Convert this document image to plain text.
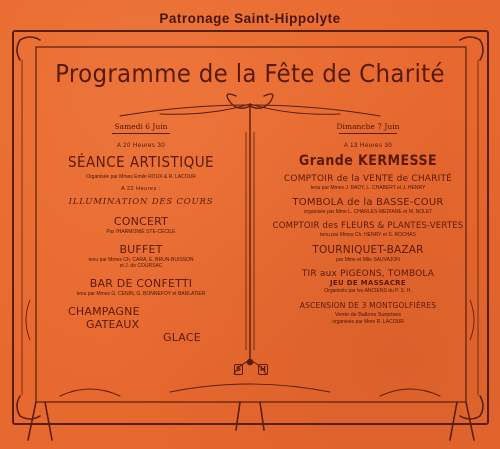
Patronage Saint-Hippolyte
Programme de la Fête de Charité
Samedi 6 Juin
A 20 Heures 30
SÉANCE ARTISTIQUE
Organisée par Mmes Emile ROUX & R. LACOUR
A 22 Heures :
ILLUMINATION DES COURS
CONCERT
Par l'HARMONIE STE-CÉCILE
BUFFET
tenu par Mmes Ch. CARA, E. BRUN-BUISSON
et J. de COURSAC
BAR DE CONFETTI
tenu par Mmes G. CENIN, G. BONNEFOY et BARLATIER
CHAMPAGNE
GATEAUX
GLACE
Dimanche 7 Juin
A 13 Heures 30
Grande KERMESSE
COMPTOIR de la VENTE de CHARITÉ
tenu par Mmes J. BADY, L. CHABERT et J. HENRY
TOMBOLA de la BASSE-COUR
organisée par Mme L. CHARLES-MEDIANE et M. NOLET
COMPTOIR des FLEURS & PLANTES-VERTES
tenu par Mmes Ch. HENRY et S. ROCHAS
TOURNIQUET-BAZAR
par Mme et Mlle SAUVAJON
TIR aux PIGEONS, TOMBOLA
JEU DE MASSACRE
Organisés par les ANCIENS du P. S. H.
ASCENSION DE 3 MONTGOLFIÈRES
Vente de Ballons Surprises
organisée par Mme R. LACOUR
S	H
